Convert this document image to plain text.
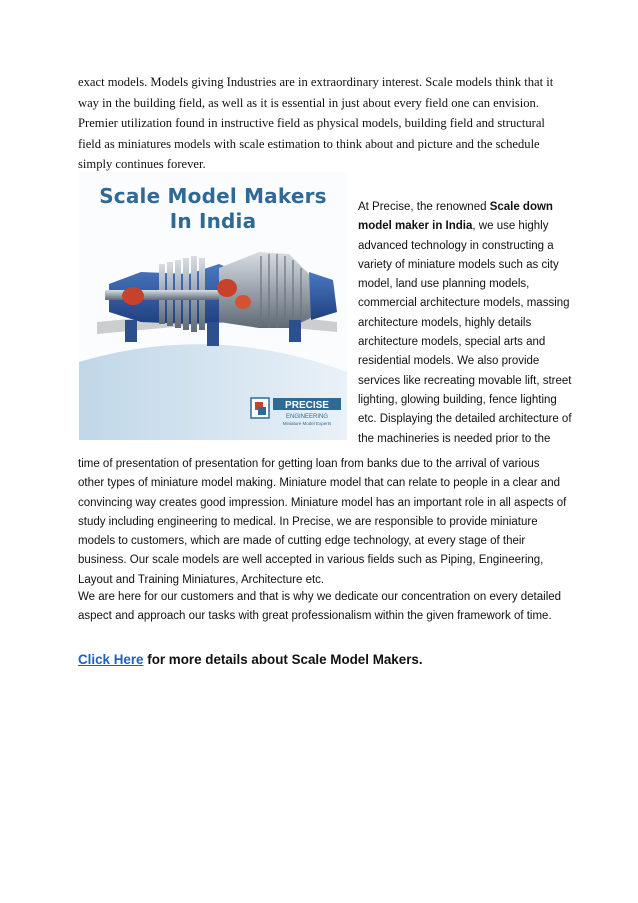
exact models. Models giving Industries are in extraordinary interest. Scale models think that it way in the building field, as well as it is essential in just about every field one can envision. Premier utilization found in instructive field as physical models, building field and structural field as miniatures models with scale estimation to think about and picture and the schedule simply continues forever.

Scale Model Makers
In India
PRECISE
ENGINEERING
Miniature Model Experts
At Precise, the renowned Scale down model maker in India, we use highly advanced technology in constructing a variety of miniature models such as city model, land use planning models, commercial architecture models, massing architecture models, highly details architecture models, special arts and residential models. We also provide services like recreating movable lift, street lighting, glowing building, fence lighting etc. Displaying the detailed architecture of the machineries is needed prior to the

time of presentation of presentation for getting loan from banks due to the arrival of various other types of miniature model making. Miniature model that can relate to people in a clear and convincing way creates good impression. Miniature model has an important role in all aspects of study including engineering to medical. In Precise, we are responsible to provide miniature models to customers, which are made of cutting edge technology, at every stage of their business. Our scale models are well accepted in various fields such as Piping, Engineering, Layout and Training Miniatures, Architecture etc.

We are here for our customers and that is why we dedicate our concentration on every detailed aspect and approach our tasks with great professionalism within the given framework of time.

Click Here for more details about Scale Model Makers.
